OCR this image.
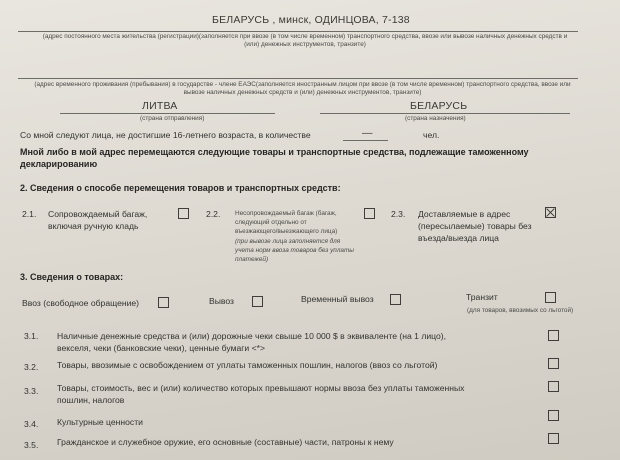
БЕЛАРУСЬ , минск, ОДИНЦОВА, 7-138
(адрес постоянного места жительства (регистрации)(заполняется при ввозе (в том числе временном) транспортного средства, ввозе или вывозе наличных денежных средств и (или) денежных инструментов, транзите)
(адрес временного проживания (пребывания) в государстве - члене ЕАЭС(заполняется иностранным лицом при ввозе (в том числе временном) транспортного средства, ввозе или вывозе наличных денежных средств и (или) денежных инструментов, транзите)
ЛИТВА
(страна отправления)
БЕЛАРУСЬ
(страна назначения)
Со мной следуют лица, не достигшие 16-летнего возраста, в количестве	—	чел.
Мной либо в мой адрес перемещаются следующие товары и транспортные средства, подлежащие таможенному
декларированию
2. Сведения о способе перемещения товаров и транспортных средств:
2.1. Сопровождаемый багаж,
включая ручную кладь
2.2. Несопровождаемый багаж (багаж,
следующий отдельно от
въезжающего/выезжающего лица)
(при вывозе лица заполняется для
учета норм ввоза товаров без уплаты
платежей)
2.3. Доставляемые в адрес
(пересылаемые) товары без
въезда/выезда лица
3. Сведения о товарах:
Ввоз (свободное обращение)	Вывоз	Временный вывоз	Транзит
(для товаров, ввозимых со льготой)
3.1. Наличные денежные средства и (или) дорожные чеки свыше 10 000 $ в эквиваленте (на 1 лицо),
векселя, чеки (банковские чеки), ценные бумаги <*>
3.2. Товары, ввозимые с освобождением от уплаты таможенных пошлин, налогов (ввоз со льготой)
3.3. Товары, стоимость, вес и (или) количество которых превышают нормы ввоза без уплаты таможенных
пошлин, налогов
3.4. Культурные ценности
3.5. Гражданское и служебное оружие, его основные (составные) части, патроны к нему
